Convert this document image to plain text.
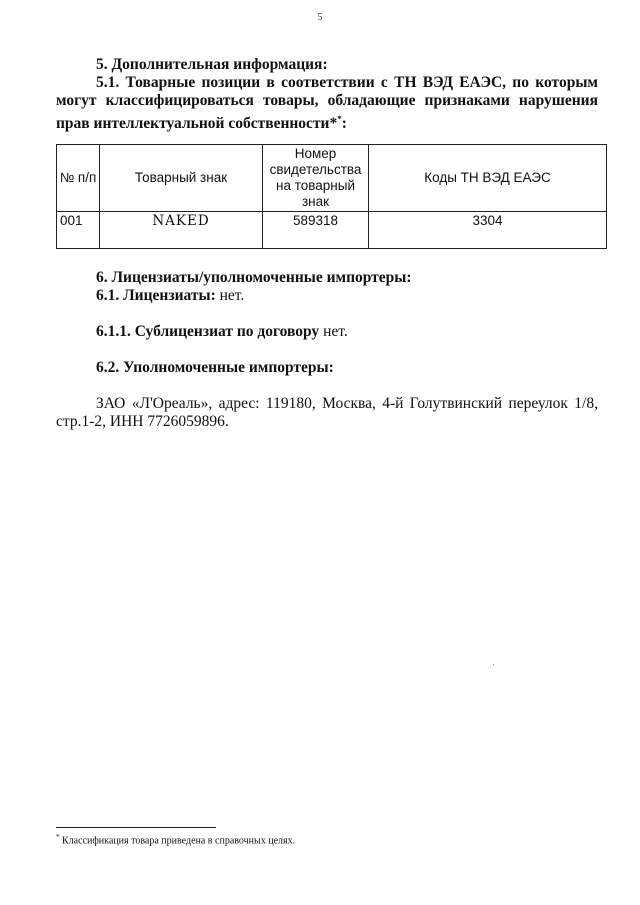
5
5. Дополнительная информация:
5.1. Товарные позиции в соответствии с ТН ВЭД ЕАЭС, по которым
могут классифицироваться товары, обладающие признаками нарушения
прав интеллектуальной собственности**:
№ п/п	Товарный знак	Номер свидетельства на товарный знак	Коды ТН ВЭД ЕАЭС
001	NAKED	589318	3304
6. Лицензиаты/уполномоченные импортеры:
6.1. Лицензиаты: нет.
6.1.1. Сублицензиат по договору нет.
6.2. Уполномоченные импортеры:
ЗАО «Л'Ореаль», адрес: 119180, Москва, 4-й Голутвинский переулок 1/8,
стр.1-2, ИНН 7726059896.
* Классификация товара приведена в справочных целях.
